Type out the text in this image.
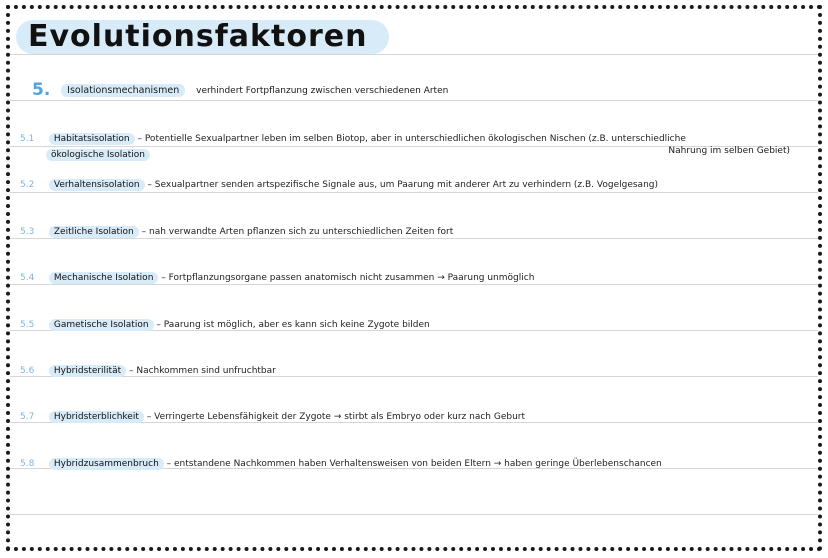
Evolutionsfaktoren
5. Isolationsmechanismen verhindert Fortpflanzung zwischen verschiedenen Arten
5.1 Habitatsisolation – Potentielle Sexualpartner leben im selben Biotop, aber in unterschiedlichen ökologischen Nischen (z.B. unterschiedliche
ökologische Isolation	Nahrung im selben Gebiet)
5.2 Verhaltensisolation – Sexualpartner senden artspezifische Signale aus, um Paarung mit anderer Art zu verhindern (z.B. Vogelgesang)
5.3 Zeitliche Isolation – nah verwandte Arten pflanzen sich zu unterschiedlichen Zeiten fort
5.4 Mechanische Isolation – Fortpflanzungsorgane passen anatomisch nicht zusammen → Paarung unmöglich
5.5 Gametische Isolation – Paarung ist möglich, aber es kann sich keine Zygote bilden
5.6 Hybridsterilität – Nachkommen sind unfruchtbar
5.7 Hybridsterblichkeit – Verringerte Lebensfähigkeit der Zygote → stirbt als Embryo oder kurz nach Geburt
5.8 Hybridzusammenbruch – entstandene Nachkommen haben Verhaltensweisen von beiden Eltern → haben geringe Überlebenschancen
